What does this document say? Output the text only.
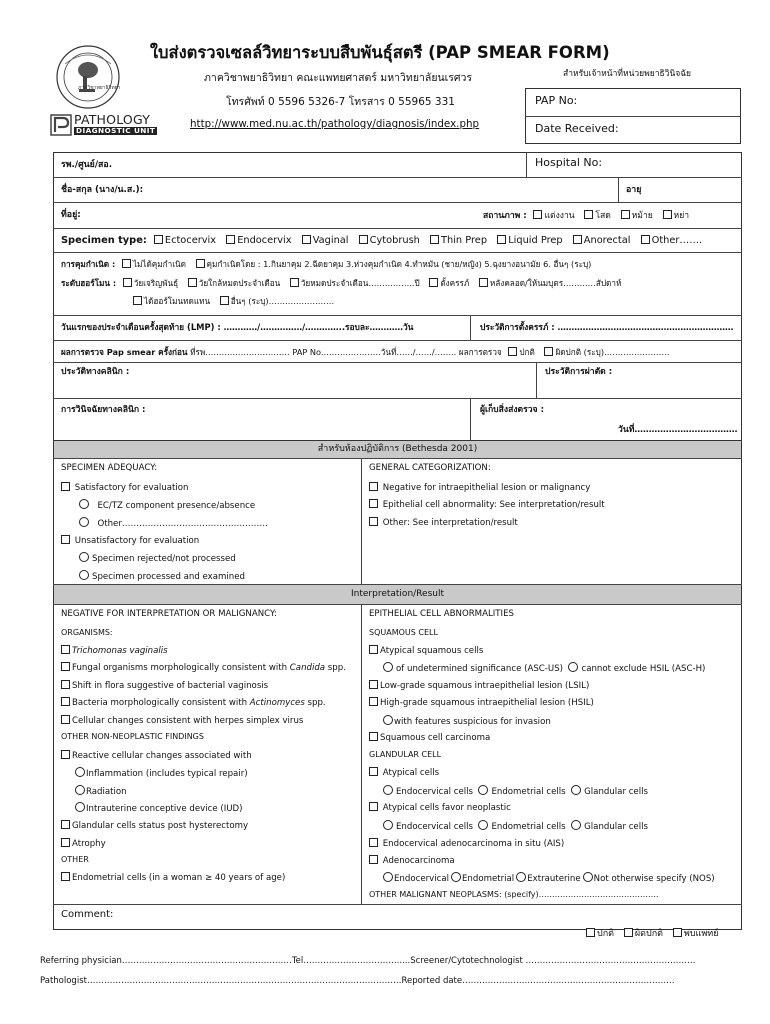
ภาควิชาพยาธิวิทยา
PATHOLOGY
DIAGNOSTIC UNIT
ใบส่งตรวจเซลล์วิทยาระบบสืบพันธุ์สตรี (PAP SMEAR FORM)
ภาควิชาพยาธิวิทยา คณะแพทยศาสตร์ มหาวิทยาลัยนเรศวร
โทรศัพท์ 0 5596 5326-7 โทรสาร 0 55965 331
http://www.med.nu.ac.th/pathology/diagnosis/index.php
สำหรับเจ้าหน้าที่หน่วยพยาธิวินิจฉัย
PAP No:
Date Received:
รพ./ศูนย์/สอ.	Hospital No:
ชื่อ-สกุล (นาง/น.ส.):	อายุ
ที่อยู่:	สถานภาพ : แต่งงาน โสด หม้าย หย่า
Specimen type: Ectocervix Endocervix Vaginal Cytobrush Thin Prep Liquid Prep Anorectal Other…….
การคุมกำเนิด : ไม่ได้คุมกำเนิด	คุมกำเนิดโดย : 1.กินยาคุม 2.ฉีดยาคุม 3.ห่วงคุมกำเนิด 4.ทำหมัน (ชาย/หญิง) 5.ฉุงยางอนามัย 6. อื่นๆ (ระบุ)
ระดับฮอร์โมน : วัยเจริญพันธุ์	วัยใกล้หมดประจำเดือน	วัยหมดประจำเดือน……………..ปี	ตั้งครรภ์	หลังคลอด/ให้นมบุตร…………สัปดาห์
ได้ฮอร์โมนทดแทน	อื่นๆ (ระบุ)……………………
วันแรกของประจำเดือนครั้งสุดท้าย (LMP) : …………/……………/…………..รอบละ…………วัน	ประวัติการตั้งครรภ์ : ………………………………………………………
ผลการตรวจ Pap smear ครั้งก่อน ที่รพ.………………………… PAP No.…………………วันที่……/……/…….. ผลการตรวจ ปกติ	ผิดปกติ (ระบุ)……………………
ประวัติทางคลินิก :	ประวัติการผ่าตัด :
การวินิจฉัยทางคลินิก :	ผู้เก็บสิ่งส่งตรวจ :
วันที่………………………………
สำหรับห้องปฏิบัติการ (Bethesda 2001)
Interpretation/Result
SPECIMEN ADEQUACY:
Satisfactory for evaluation
EC/TZ component presence/absence
Other……………………………………………
Unsatisfactory for evaluation
Specimen rejected/not processed
Specimen processed and examined
GENERAL CATEGORIZATION:
Negative for intraepithelial lesion or malignancy
Epithelial cell abnormality: See interpretation/result
Other: See interpretation/result
NEGATIVE FOR INTERPRETATION OR MALIGNANCY:
ORGANISMS:
Trichomonas vaginalis
Fungal organisms morphologically consistent with Candida spp.
Shift in flora suggestive of bacterial vaginosis
Bacteria morphologically consistent with Actinomyces spp.
Cellular changes consistent with herpes simplex virus
OTHER NON-NEOPLASTIC FINDINGS
Reactive cellular changes associated with
Inflammation (includes typical repair)
Radiation
Intrauterine conceptive device (IUD)
Glandular cells status post hysterectomy
Atrophy
OTHER
Endometrial cells (in a woman ≥ 40 years of age)
EPITHELIAL CELL ABNORMALITIES
SQUAMOUS CELL
Atypical squamous cells
of undetermined significance (ASC-US) cannot exclude HSIL (ASC-H)
Low-grade squamous intraepithelial lesion (LSIL)
High-grade squamous intraepithelial lesion (HSIL)
with features suspicious for invasion
Squamous cell carcinoma
GLANDULAR CELL
Atypical cells
Endocervical cells Endometrial cells Glandular cells
Atypical cells favor neoplastic
Endocervical cells Endometrial cells Glandular cells
Endocervical adenocarcinoma in situ (AIS)
Adenocarcinoma
Endocervical Endometrial Extrauterine Not otherwise specify (NOS)
OTHER MALIGNANT NEOPLASMS: (specify)………………………………………
Comment:
ปกติ ผิดปกติ พบแพทย์
Referring physician……………………………………………………Tel…………………………….....Screener/Cytotechnologist ……………………………………………………
Pathologist…………………………………………………………………………………………………Reported date…………………………………………………………………
